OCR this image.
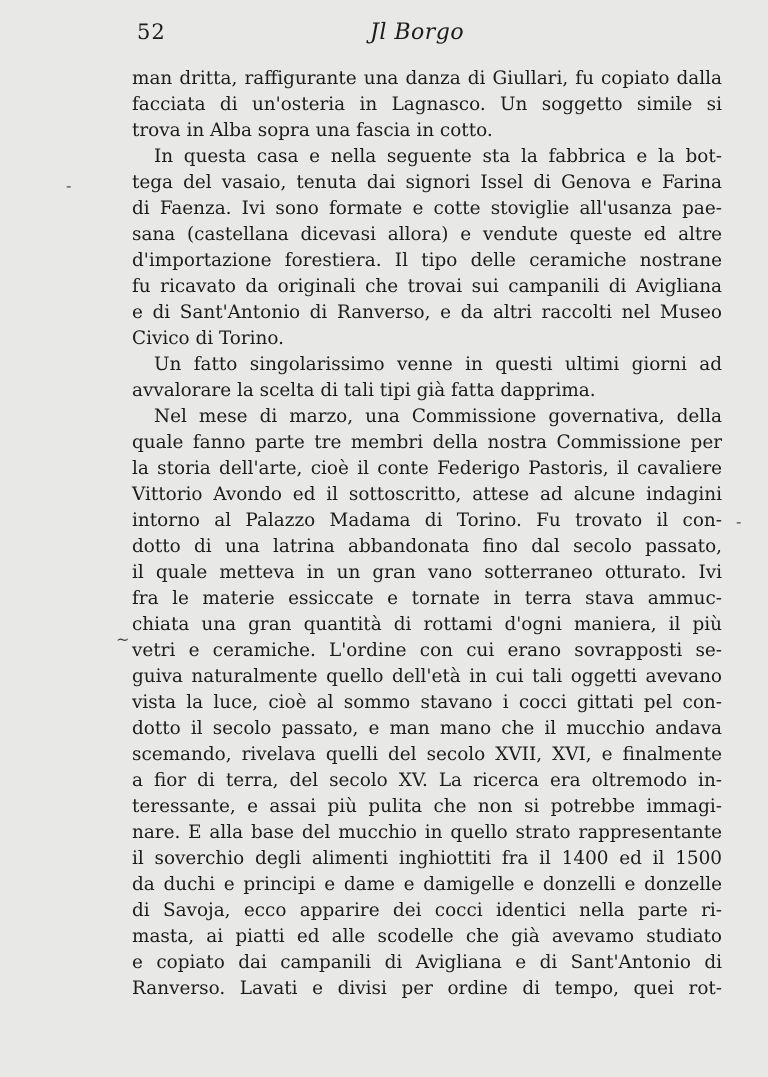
52	Jl Borgo
-
~
-
man dritta, raffigurante una danza di Giullari, fu copiato dalla
facciata di un'osteria in Lagnasco. Un soggetto simile si
trova in Alba sopra una fascia in cotto.
In questa casa e nella seguente sta la fabbrica e la bot-
tega del vasaio, tenuta dai signori Issel di Genova e Farina
di Faenza. Ivi sono formate e cotte stoviglie all'usanza pae-
sana (castellana dicevasi allora) e vendute queste ed altre
d'importazione forestiera. Il tipo delle ceramiche nostrane
fu ricavato da originali che trovai sui campanili di Avigliana
e di Sant'Antonio di Ranverso, e da altri raccolti nel Museo
Civico di Torino.
Un fatto singolarissimo venne in questi ultimi giorni ad
avvalorare la scelta di tali tipi già fatta dapprima.
Nel mese di marzo, una Commissione governativa, della
quale fanno parte tre membri della nostra Commissione per
la storia dell'arte, cioè il conte Federigo Pastoris, il cavaliere
Vittorio Avondo ed il sottoscritto, attese ad alcune indagini
intorno al Palazzo Madama di Torino. Fu trovato il con-
dotto di una latrina abbandonata fino dal secolo passato,
il quale metteva in un gran vano sotterraneo otturato. Ivi
fra le materie essiccate e tornate in terra stava ammuc-
chiata una gran quantità di rottami d'ogni maniera, il più
vetri e ceramiche. L'ordine con cui erano sovrapposti se-
guiva naturalmente quello dell'età in cui tali oggetti avevano
vista la luce, cioè al sommo stavano i cocci gittati pel con-
dotto il secolo passato, e man mano che il mucchio andava
scemando, rivelava quelli del secolo XVII, XVI, e finalmente
a fior di terra, del secolo XV. La ricerca era oltremodo in-
teressante, e assai più pulita che non si potrebbe immagi-
nare. E alla base del mucchio in quello strato rappresentante
il soverchio degli alimenti inghiottiti fra il 1400 ed il 1500
da duchi e principi e dame e damigelle e donzelli e donzelle
di Savoja, ecco apparire dei cocci identici nella parte ri-
masta, ai piatti ed alle scodelle che già avevamo studiato
e copiato dai campanili di Avigliana e di Sant'Antonio di
Ranverso. Lavati e divisi per ordine di tempo, quei rot-
